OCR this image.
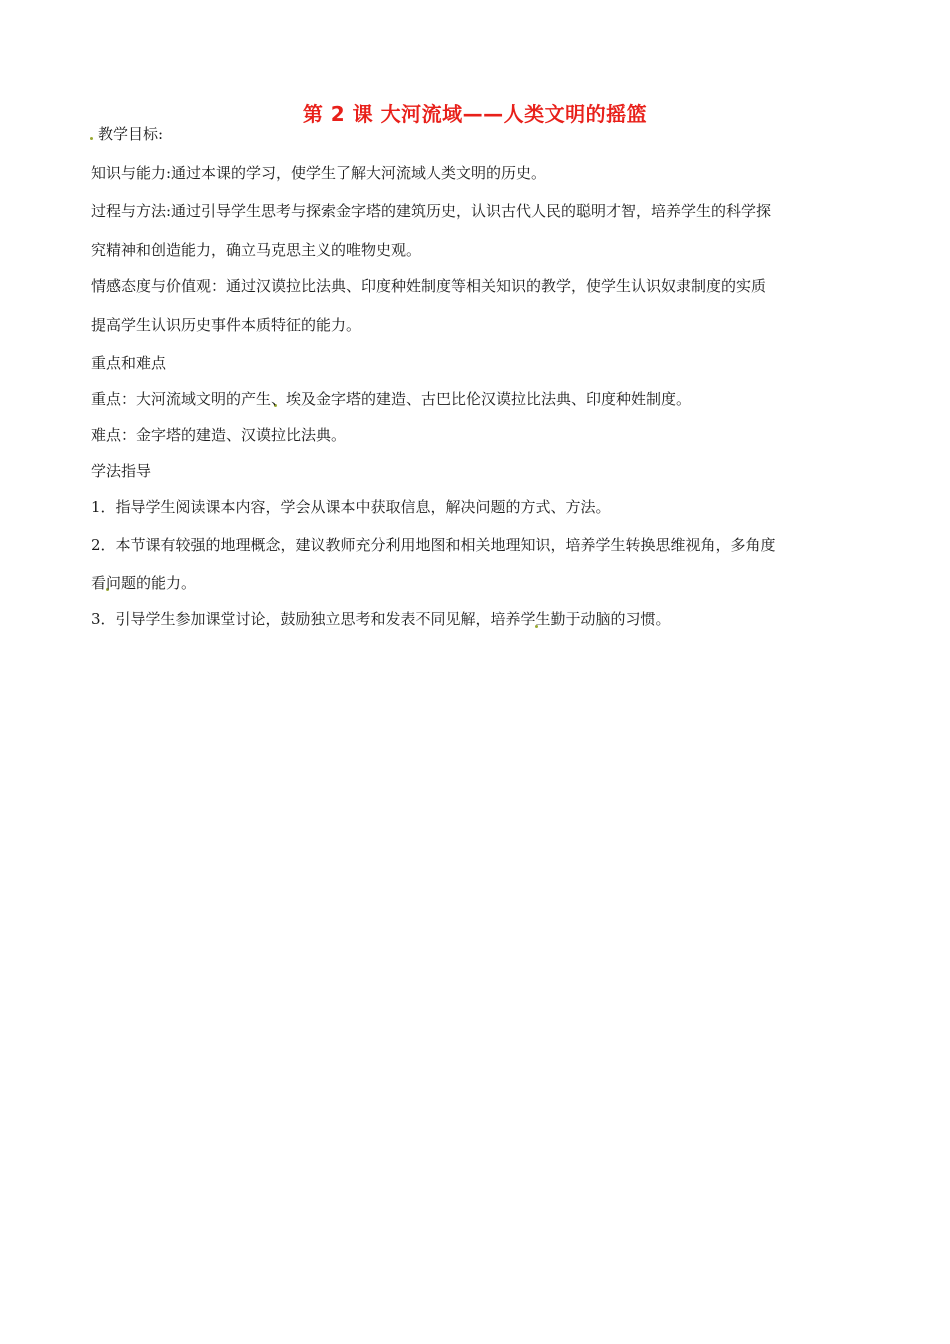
第 2 课 大河流域——人类文明的摇篮
教学目标:
知识与能力:通过本课的学习，使学生了解大河流域人类文明的历史。
过程与方法:通过引导学生思考与探索金字塔的建筑历史，认识古代人民的聪明才智，培养学生的科学探
究精神和创造能力，确立马克思主义的唯物史观。
情感态度与价值观：通过汉谟拉比法典、印度种姓制度等相关知识的教学，使学生认识奴隶制度的实质
提高学生认识历史事件本质特征的能力。
重点和难点
重点：大河流域文明的产生、埃及金字塔的建造、古巴比伦汉谟拉比法典、印度种姓制度。
难点：金字塔的建造、汉谟拉比法典。
学法指导
1．指导学生阅读课本内容，学会从课本中获取信息，解决问题的方式、方法。
2．本节课有较强的地理概念，建议教师充分利用地图和相关地理知识，培养学生转换思维视角，多角度
看问题的能力。
3．引导学生参加课堂讨论，鼓励独立思考和发表不同见解，培养学生勤于动脑的习惯。
